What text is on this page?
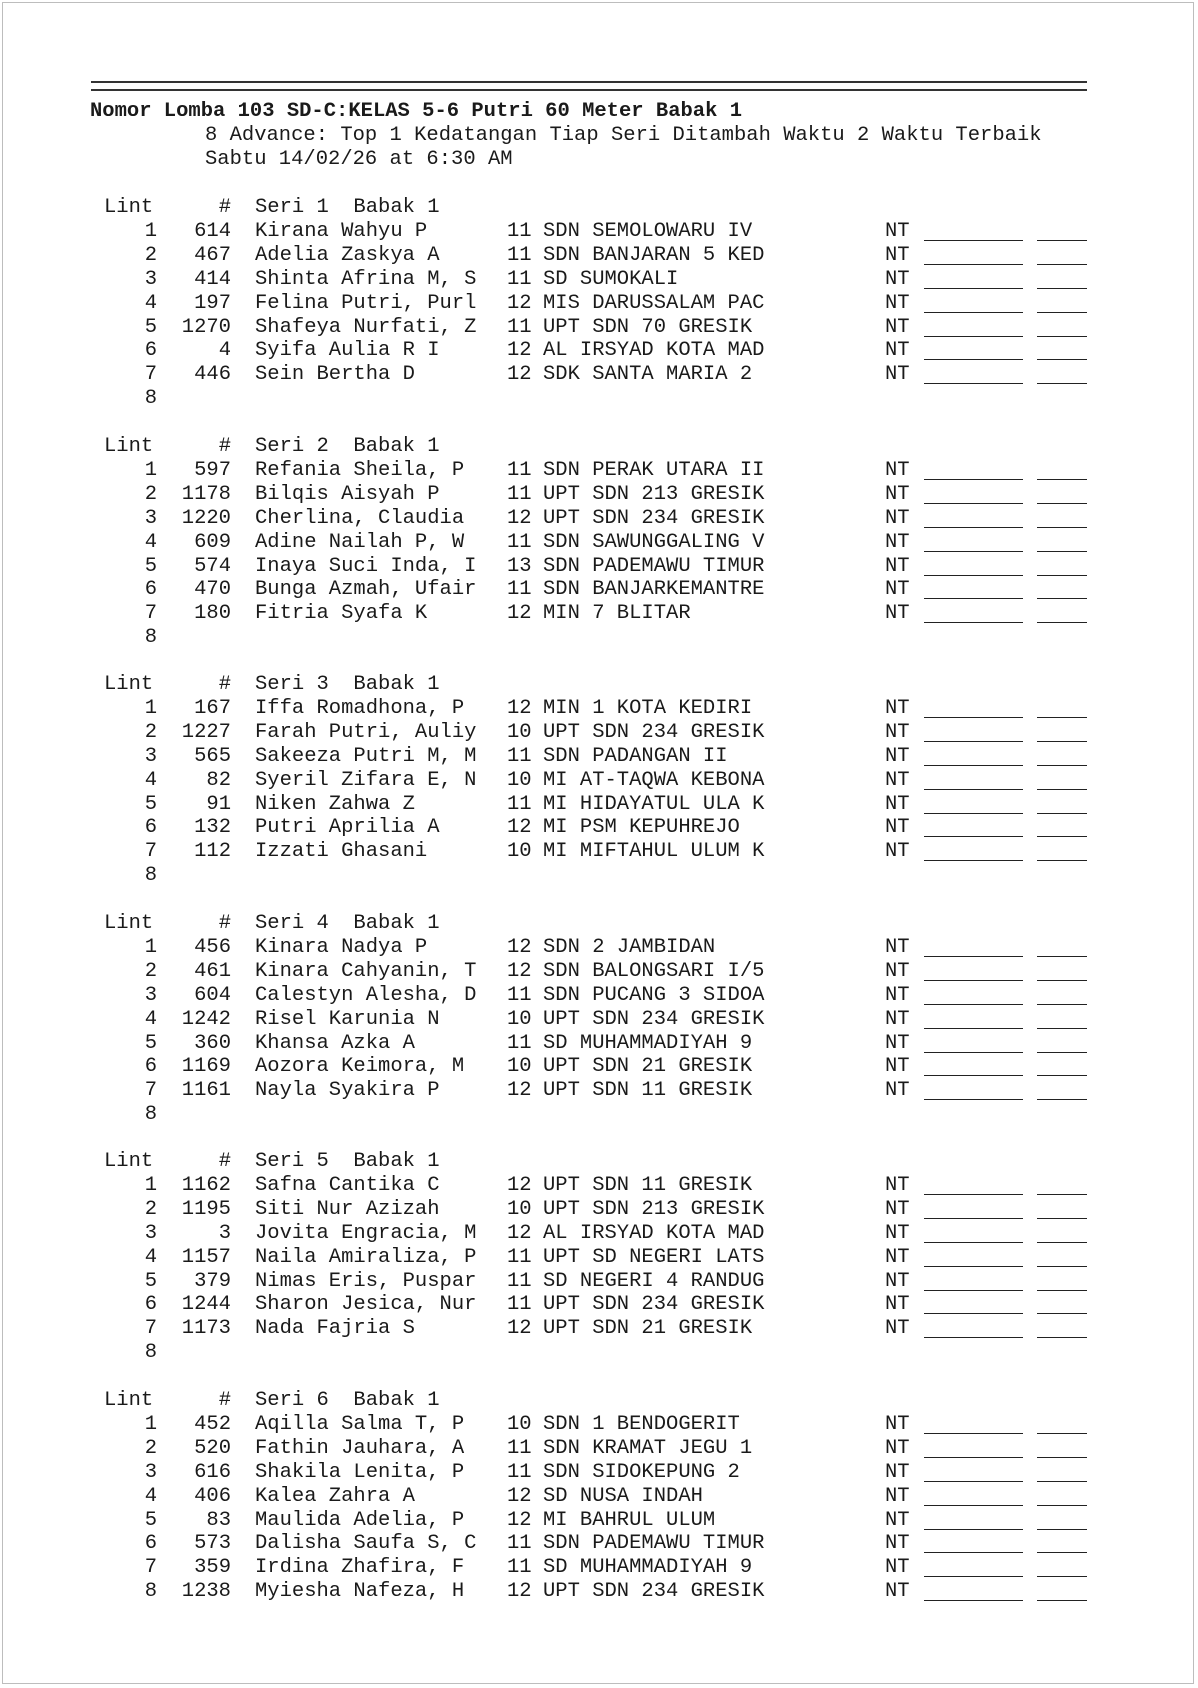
Nomor Lomba 103 SD-C:KELAS 5-6 Putri 60 Meter Babak 1
8 Advance: Top 1 Kedatangan Tiap Seri Ditambah Waktu 2 Waktu Terbaik
Sabtu 14/02/26 at 6:30 AM
Lint	# Seri 1  Babak 1
1	614 Kirana Wahyu P	11 SDN SEMOLOWARU IV	NT
2	467 Adelia Zaskya A	11 SDN BANJARAN 5 KED	NT
3	414 Shinta Afrina M, S 11 SD SUMOKALI	NT
4	197 Felina Putri, Purl 12 MIS DARUSSALAM PAC	NT
5	1270 Shafeya Nurfati, Z 11 UPT SDN 70 GRESIK	NT
6	4 Syifa Aulia R I	12 AL IRSYAD KOTA MAD	NT
7	446 Sein Bertha D	12 SDK SANTA MARIA 2	NT
8
Lint	# Seri 2  Babak 1
1	597 Refania Sheila, P 11 SDN PERAK UTARA II	NT
2	1178 Bilqis Aisyah P	11 UPT SDN 213 GRESIK	NT
3	1220 Cherlina, Claudia 12 UPT SDN 234 GRESIK	NT
4	609 Adine Nailah P, W 11 SDN SAWUNGGALING V	NT
5	574 Inaya Suci Inda, I 13 SDN PADEMAWU TIMUR	NT
6	470 Bunga Azmah, Ufair 11 SDN BANJARKEMANTRE	NT
7	180 Fitria Syafa K	12 MIN 7 BLITAR	NT
8
Lint	# Seri 3  Babak 1
1	167 Iffa Romadhona, P 12 MIN 1 KOTA KEDIRI	NT
2	1227 Farah Putri, Auliy 10 UPT SDN 234 GRESIK	NT
3	565 Sakeeza Putri M, M 11 SDN PADANGAN II	NT
4	82 Syeril Zifara E, N 10 MI AT-TAQWA KEBONA	NT
5	91 Niken Zahwa Z	11 MI HIDAYATUL ULA K	NT
6	132 Putri Aprilia A	12 MI PSM KEPUHREJO	NT
7	112 Izzati Ghasani	10 MI MIFTAHUL ULUM K	NT
8
Lint	# Seri 4  Babak 1
1	456 Kinara Nadya P	12 SDN 2 JAMBIDAN	NT
2	461 Kinara Cahyanin, T 12 SDN BALONGSARI I/5	NT
3	604 Calestyn Alesha, D 11 SDN PUCANG 3 SIDOA	NT
4	1242 Risel Karunia N	10 UPT SDN 234 GRESIK	NT
5	360 Khansa Azka A	11 SD MUHAMMADIYAH 9	NT
6	1169 Aozora Keimora, M 10 UPT SDN 21 GRESIK	NT
7	1161 Nayla Syakira P	12 UPT SDN 11 GRESIK	NT
8
Lint	# Seri 5  Babak 1
1	1162 Safna Cantika C	12 UPT SDN 11 GRESIK	NT
2	1195 Siti Nur Azizah	10 UPT SDN 213 GRESIK	NT
3	3 Jovita Engracia, M 12 AL IRSYAD KOTA MAD	NT
4	1157 Naila Amiraliza, P 11 UPT SD NEGERI LATS	NT
5	379 Nimas Eris, Puspar 11 SD NEGERI 4 RANDUG	NT
6	1244 Sharon Jesica, Nur 11 UPT SDN 234 GRESIK	NT
7	1173 Nada Fajria S	12 UPT SDN 21 GRESIK	NT
8
Lint	# Seri 6  Babak 1
1	452 Aqilla Salma T, P 10 SDN 1 BENDOGERIT	NT
2	520 Fathin Jauhara, A 11 SDN KRAMAT JEGU 1	NT
3	616 Shakila Lenita, P 11 SDN SIDOKEPUNG 2	NT
4	406 Kalea Zahra A	12 SD NUSA INDAH	NT
5	83 Maulida Adelia, P 12 MI BAHRUL ULUM	NT
6	573 Dalisha Saufa S, C 11 SDN PADEMAWU TIMUR	NT
7	359 Irdina Zhafira, F 11 SD MUHAMMADIYAH 9	NT
8	1238 Myiesha Nafeza, H 12 UPT SDN 234 GRESIK	NT
